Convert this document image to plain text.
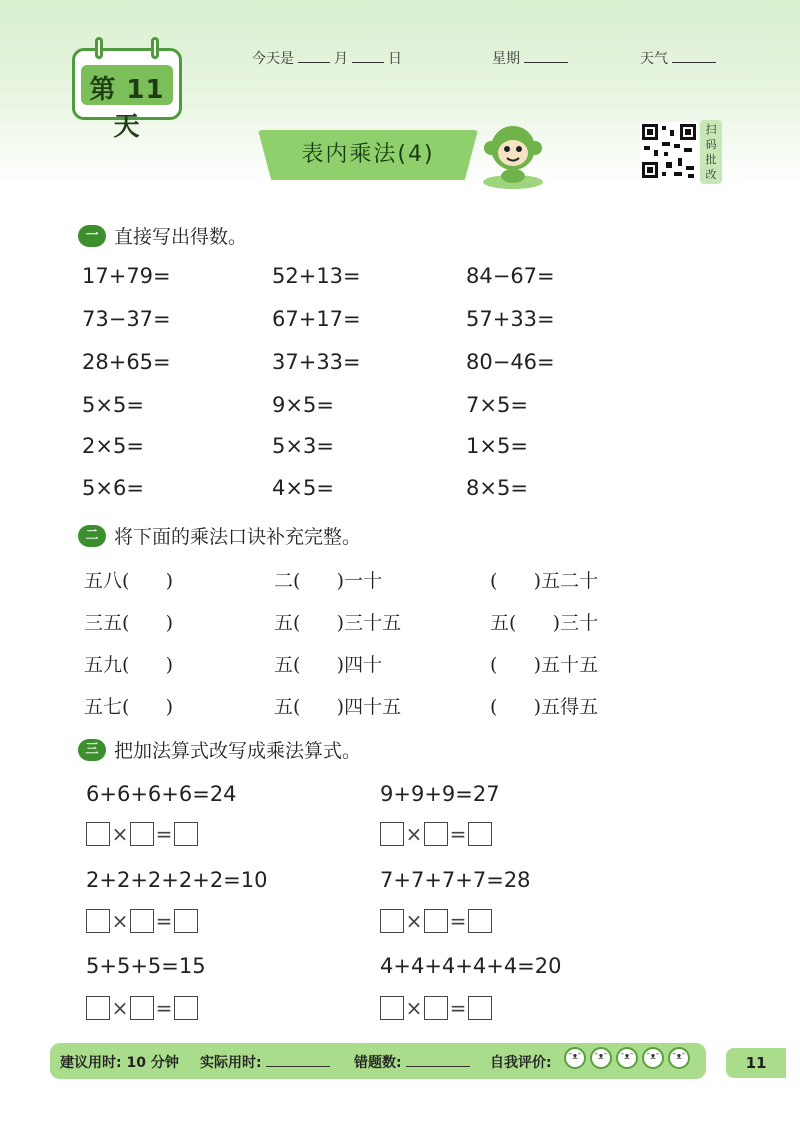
第 11 天
今天是	月	日	星期	天气
表内乘法(4)
扫
码
批
改
一 直接写出得数。
17+79=	52+13=	84−67=
73−37=	67+17=	57+33=
28+65=	37+33=	80−46=
5×5=	9×5=	7×5=
2×5=	5×3=	1×5=
5×6=	4×5=	8×5=
二 将下面的乘法口诀补充完整。
五八(      )	二(      )一十	(      )五二十
三五(      )	五(      )三十五	五(      )三十
五九(      )	五(      )四十	(      )五十五
五七(      )	五(      )四十五	(      )五得五
三 把加法算式改写成乘法算式。
6+6+6+6=24	9+9+9=27
× =	× =
2+2+2+2+2=10	7+7+7+7=28
× =	× =
5+5+5=15	4+4+4+4+4=20
× =	× =
建议用时: 10 分钟 实际用时:	错题数:	自我评价:	ᵔᴥᵔ	ᵔᴥᵔ	ᵔᴥᵔ	ᵔᴥᵔ	ᵔᴥᵔ	11
